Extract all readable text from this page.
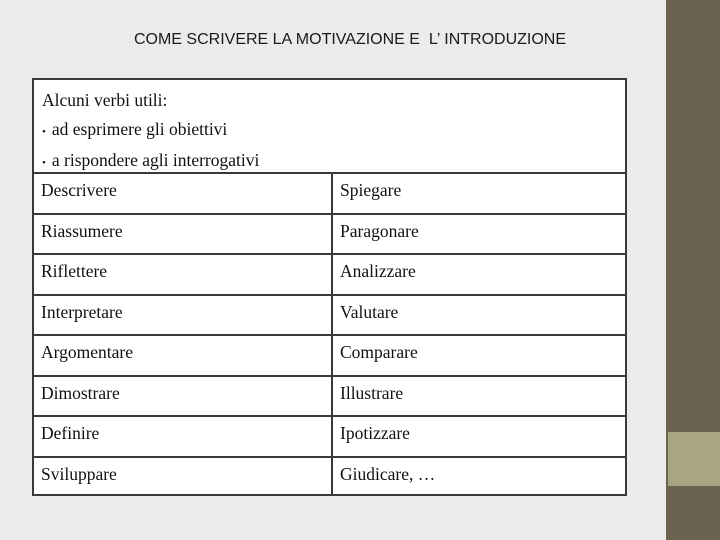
COME SCRIVERE LA MOTIVAZIONE E  L’ INTRODUZIONE
Alcuni verbi utili:
• ad esprimere gli obiettivi
• a rispondere agli interrogativi
Descrivere	Spiegare
Riassumere	Paragonare
Riflettere	Analizzare
Interpretare	Valutare
Argomentare	Comparare
Dimostrare	Illustrare
Definire	Ipotizzare
Sviluppare	Giudicare, …
